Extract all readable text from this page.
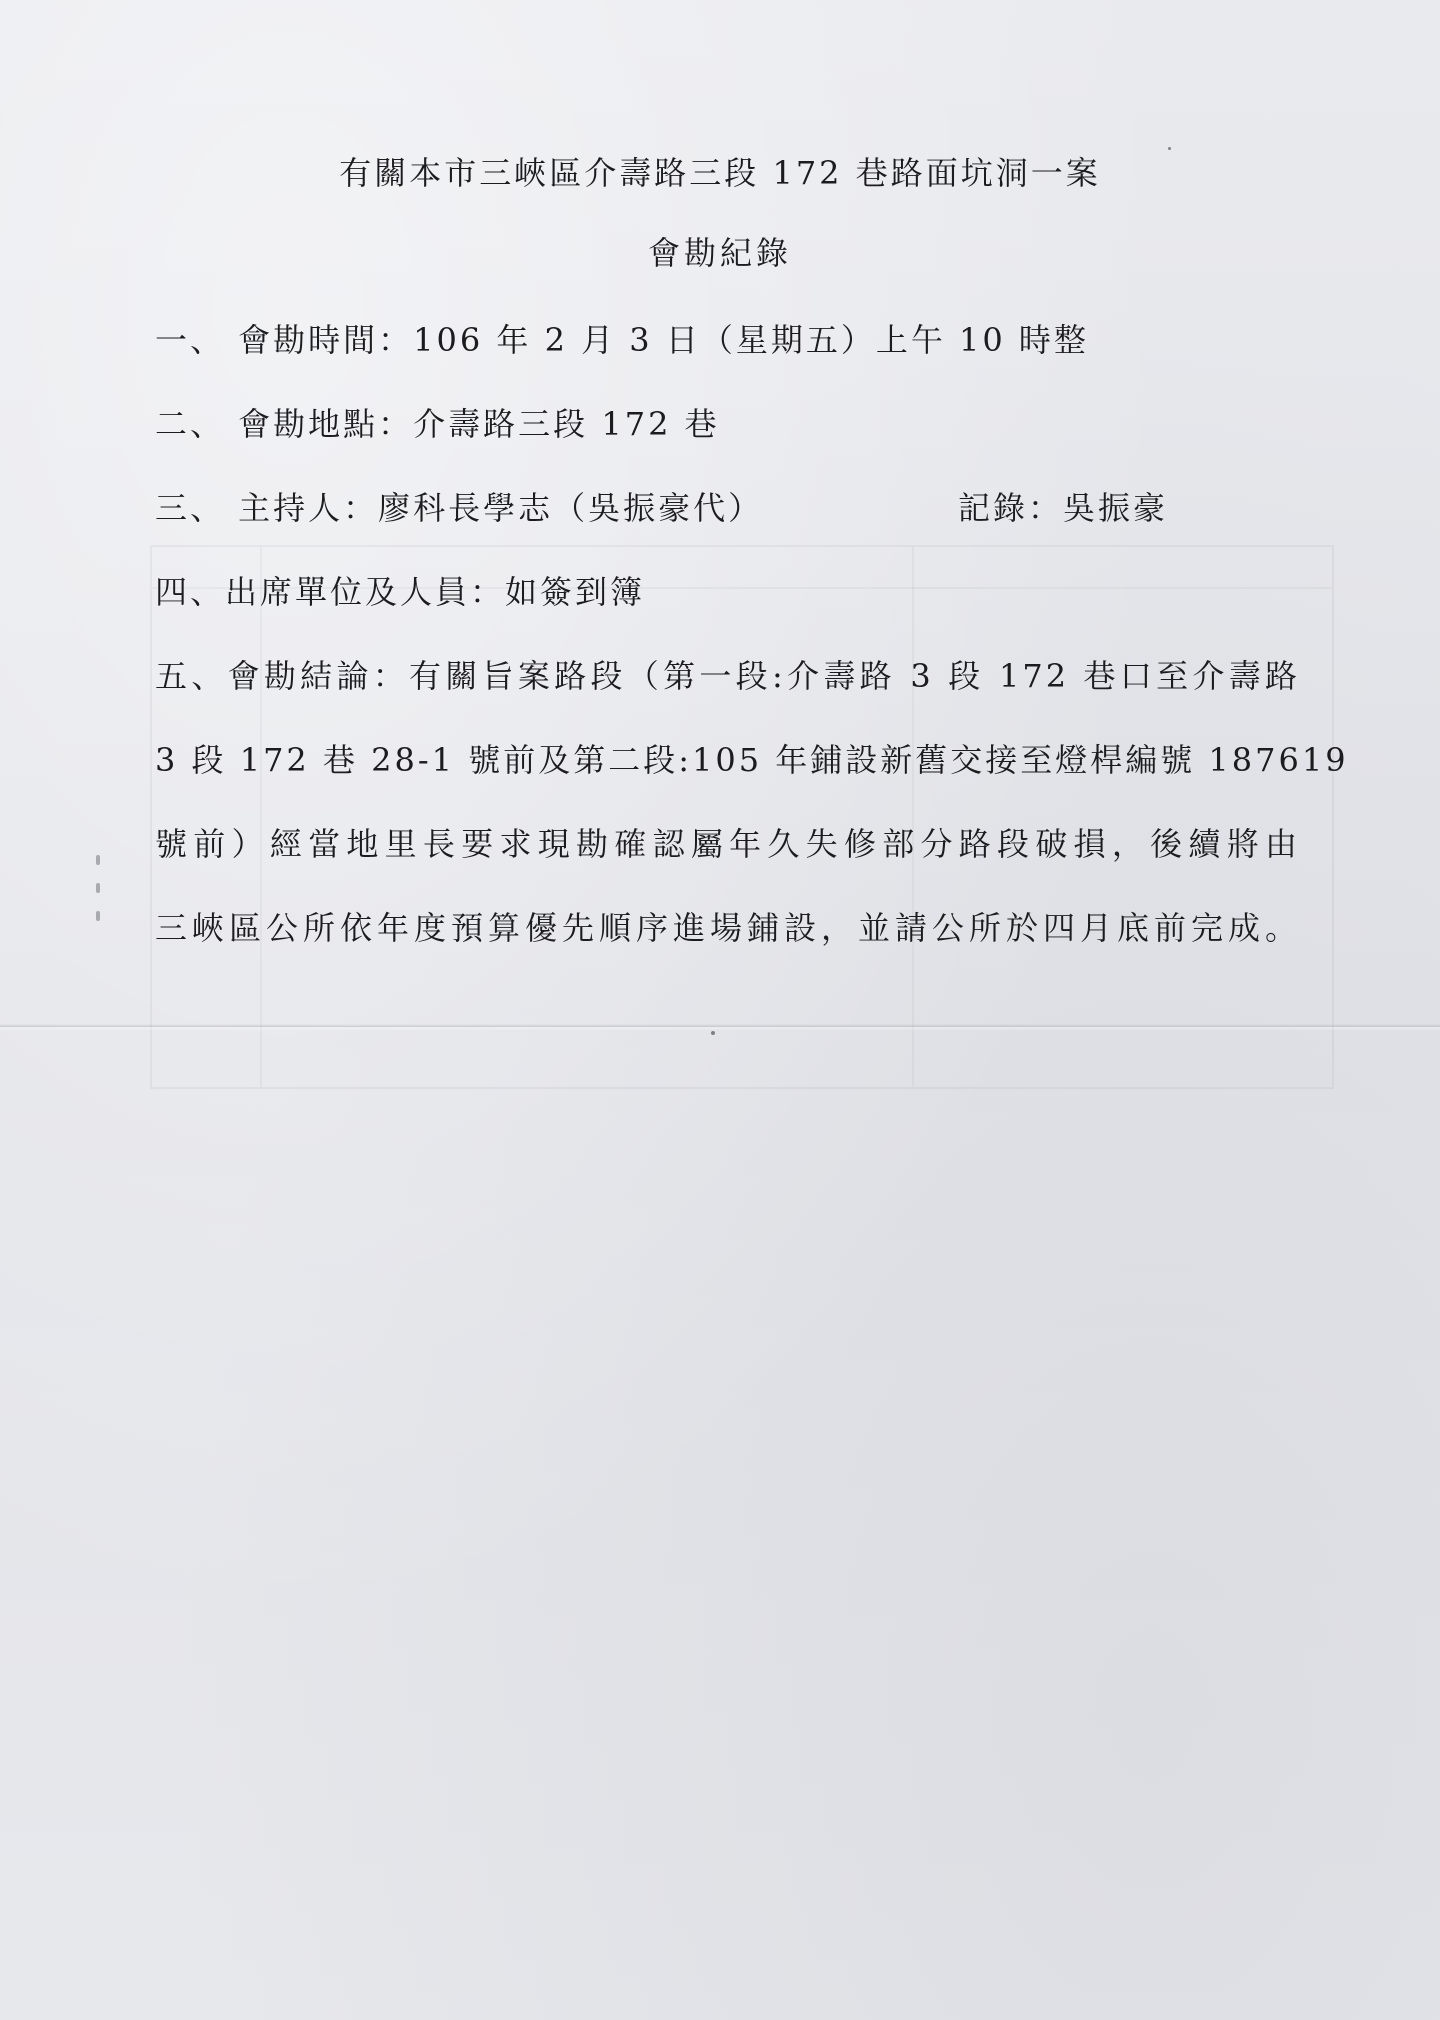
有關本市三峽區介壽路三段 172 巷路面坑洞一案
會勘紀錄

一、 會勘時間：106 年 2 月 3 日（星期五）上午 10 時整

二、 會勘地點：介壽路三段 172 巷

三、 主持人：廖科長學志（吳振豪代）	記錄：吳振豪

四、出席單位及人員：如簽到簿

五、會勘結論：有關旨案路段（第一段:介壽路 3 段 172 巷口至介壽路
3 段 172 巷 28-1 號前及第二段:105 年鋪設新舊交接至燈桿編號 187619
號前）經當地里長要求現勘確認屬年久失修部分路段破損，後續將由
三峽區公所依年度預算優先順序進場鋪設，並請公所於四月底前完成。
